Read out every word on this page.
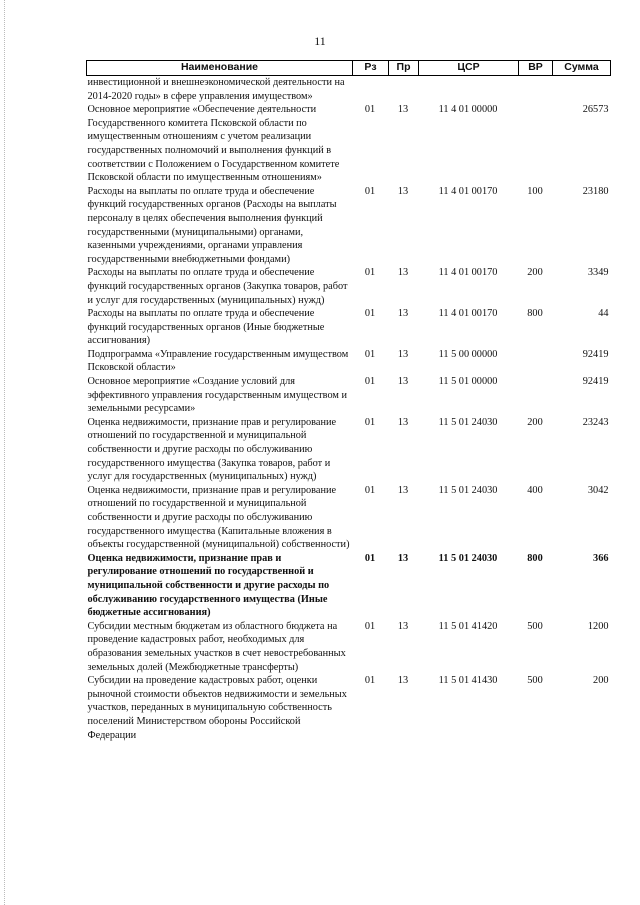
11
Наименование	Рз	Пр	ЦСР	ВР	Сумма
инвестиционной и внешнеэкономической деятельности на 2014-2020 годы» в сфере управления имуществом»					
Основное мероприятие «Обеспечение деятельности Государственного комитета Псковской области по имущественным отношениям с учетом реализации государственных полномочий и выполнения функций в соответствии с Положением о Государственном комитете Псковской области по имущественным отношениям»	01	13	11 4 01 00000		26573
Расходы на выплаты по оплате труда и обеспечение функций государственных органов (Расходы на выплаты персоналу в целях обеспечения выполнения функций государственными (муниципальными) органами, казенными учреждениями, органами управления государственными внебюджетными фондами)	01	13	11 4 01 00170	100	23180
Расходы на выплаты по оплате труда и обеспечение функций государственных органов (Закупка товаров, работ и услуг для государственных (муниципальных) нужд)	01	13	11 4 01 00170	200	3349
Расходы на выплаты по оплате труда и обеспечение функций государственных органов (Иные бюджетные ассигнования)	01	13	11 4 01 00170	800	44
Подпрограмма «Управление государственным имуществом Псковской области»	01	13	11 5 00 00000		92419
Основное мероприятие «Создание условий для эффективного управления государственным имуществом и земельными ресурсами»	01	13	11 5 01 00000		92419
Оценка недвижимости, признание прав и регулирование отношений по государственной и муниципальной собственности и другие расходы по обслуживанию государственного имущества (Закупка товаров, работ и услуг для государственных (муниципальных) нужд)	01	13	11 5 01 24030	200	23243
Оценка недвижимости, признание прав и регулирование отношений по государственной и муниципальной собственности и другие расходы по обслуживанию государственного имущества (Капитальные вложения в объекты государственной (муниципальной) собственности)	01	13	11 5 01 24030	400	3042
Оценка недвижимости, признание прав и регулирование отношений по государственной и муниципальной собственности и другие расходы по обслуживанию государственного имущества (Иные бюджетные ассигнования)	01	13	11 5 01 24030	800	366
Субсидии местным бюджетам из областного бюджета на проведение кадастровых работ, необходимых для образования земельных участков в счет невостребованных земельных долей (Межбюджетные трансферты)	01	13	11 5 01 41420	500	1200
Субсидии на проведение кадастровых работ, оценки рыночной стоимости объектов недвижимости и земельных участков, переданных в муниципальную собственность поселений Министерством обороны Российской Федерации	01	13	11 5 01 41430	500	200
